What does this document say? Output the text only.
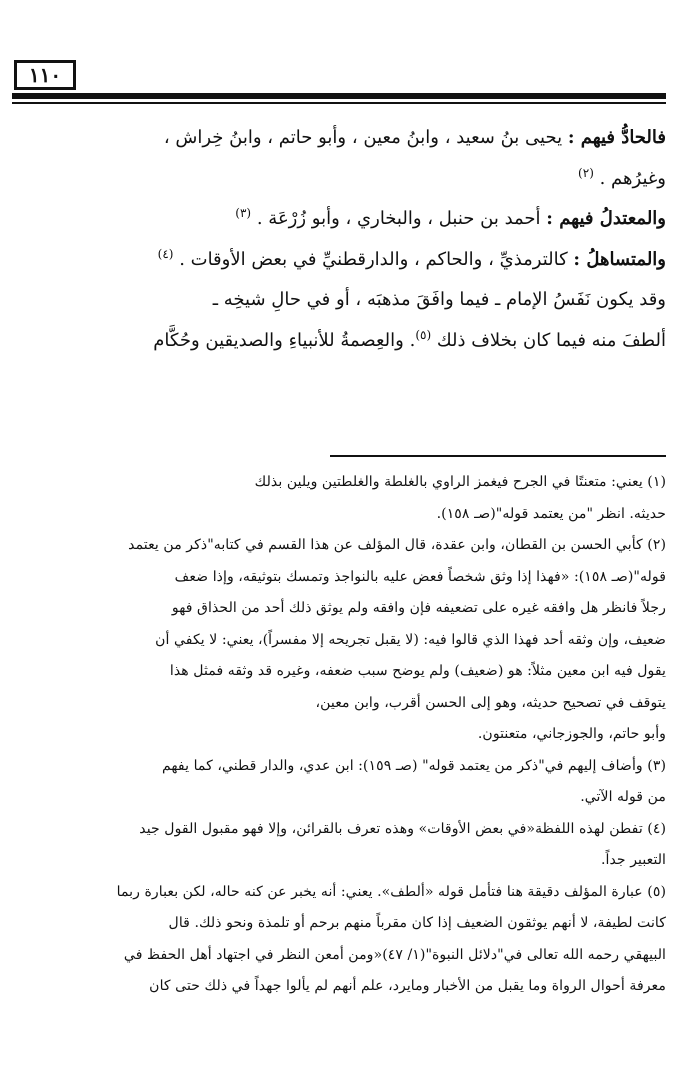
١١٠

فالحادُّ فيهم : يحيى بنُ سعيد ، وابنُ معين ، وأبو حاتم ، وابنُ خِراش ،

وغيرُهم . $^{(٢)}$

والمعتدلُ فيهم : أحمد بن حنبل ، والبخاري ، وأبو زُرْعَة . $^{(٣)}$

والمتساهلُ : كالترمذيِّ ، والحاكم ، والدارقطنيِّ في بعض الأوقات . $^{(٤)}$

وقد يكون نَفَسُ الإمام ـ فيما وافَقَ مذهبَه ، أو في حالِ شيخِه ـ

ألطفَ منه فيما كان بخلاف ذلك $^{(٥)}$. والعِصمةُ للأنبياءِ والصديقين وحُكَّام

(١) يعني: متعنتًا في الجرح فيغمز الراوي بالغلطة والغلطتين ويلين بذلك

حديثه. انظر "من يعتمد قوله"(صـ ١٥٨).

(٢) كأبي الحسن بن القطان، وابن عقدة، قال المؤلف عن هذا القسم في كتابه"ذكر من يعتمد

قوله"(صـ ١٥٨): «فهذا إذا وثق شخصاً فعض عليه بالنواجذ وتمسك بتوثيقه، وإذا ضعف

رجلاً فانظر هل وافقه غيره على تضعيفه فإن وافقه ولم يوثق ذلك أحد من الحذاق فهو

ضعيف، وإن وثقه أحد فهذا الذي قالوا فيه: (لا يقبل تجريحه إلا مفسراً)، يعني: لا يكفي أن

يقول فيه ابن معين مثلاً: هو (ضعيف) ولم يوضح سبب ضعفه، وغيره قد وثقه فمثل هذا

يتوقف في تصحيح حديثه، وهو إلى الحسن أقرب، وابن معين،

وأبو حاتم، والجوزجاني، متعنتون.

(٣) وأضاف إليهم في"ذكر من يعتمد قوله" (صـ ١٥٩): ابن عدي، والدار قطني، كما يفهم

من قوله الآتي.

(٤) تفطن لهذه اللفظة«في بعض الأوقات» وهذه تعرف بالقرائن، وإلا فهو مقبول القول جيد

التعبير جداً.

(٥) عبارة المؤلف دقيقة هنا فتأمل قوله «ألطف». يعني: أنه يخبر عن كنه حاله، لكن بعبارة ربما

كانت لطيفة، لا أنهم يوثقون الضعيف إذا كان مقرباً منهم برحم أو تلمذة ونحو ذلك. قال

البيهقي رحمه الله تعالى في"دلائل النبوة"(١/ ٤٧)«ومن أمعن النظر في اجتهاد أهل الحفظ في

معرفة أحوال الرواة وما يقبل من الأخبار ومايرد، علم أنهم لم يألوا جهداً في ذلك حتى كان
